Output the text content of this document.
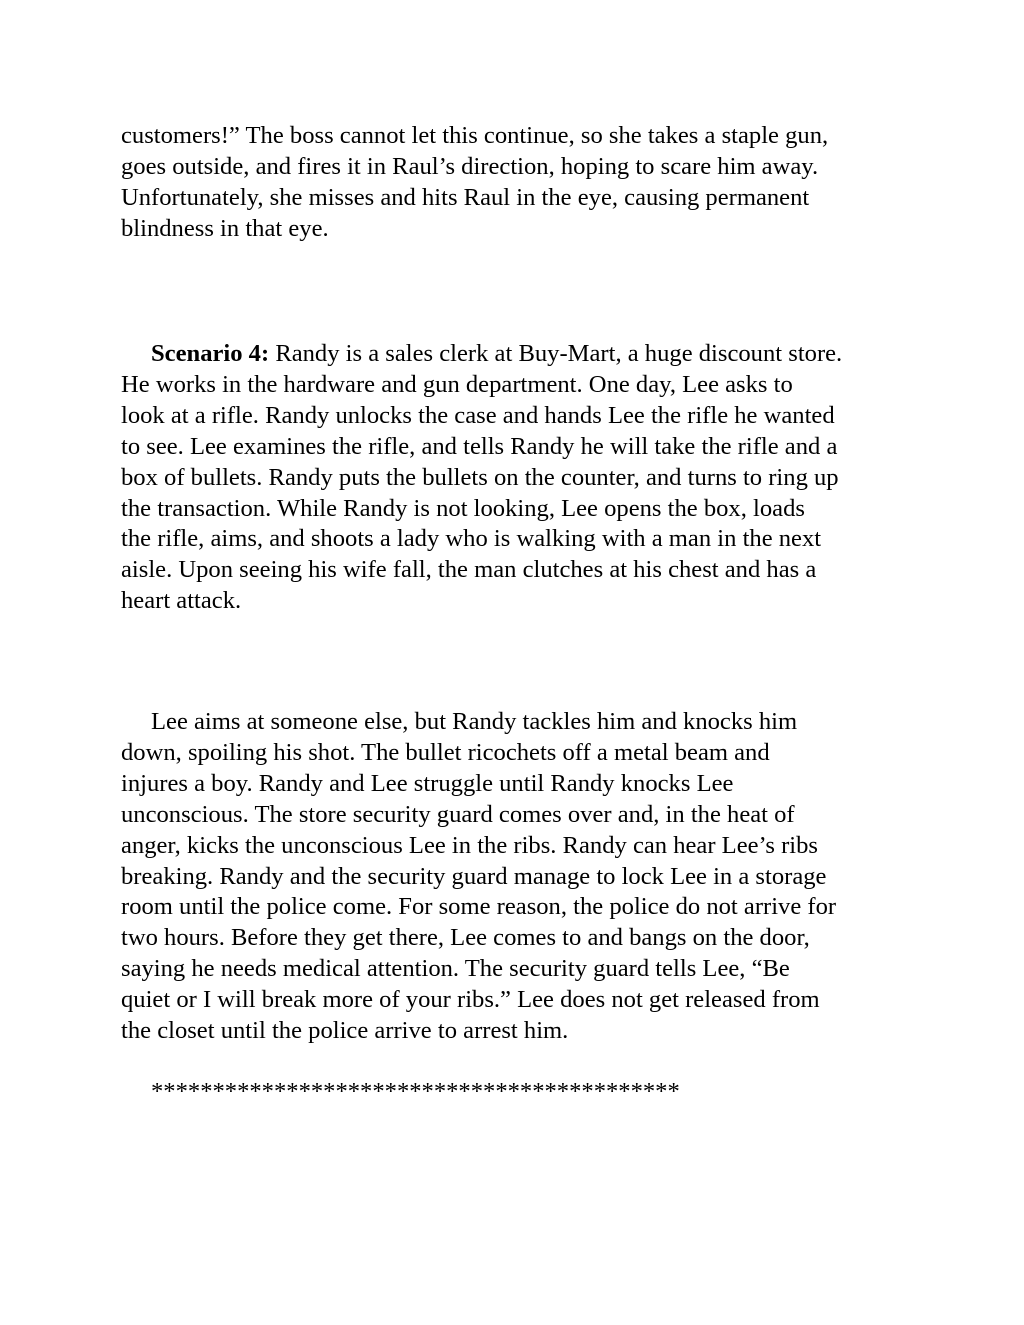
customers!” The boss cannot let this continue, so she takes a staple gun,
goes outside, and fires it in Raul’s direction, hoping to scare him away.
Unfortunately, she misses and hits Raul in the eye, causing permanent
blindness in that eye.

Scenario 4: Randy is a sales clerk at Buy-Mart, a huge discount store.
He works in the hardware and gun department. One day, Lee asks to
look at a rifle. Randy unlocks the case and hands Lee the rifle he wanted
to see. Lee examines the rifle, and tells Randy he will take the rifle and a
box of bullets. Randy puts the bullets on the counter, and turns to ring up
the transaction. While Randy is not looking, Lee opens the box, loads
the rifle, aims, and shoots a lady who is walking with a man in the next
aisle. Upon seeing his wife fall, the man clutches at his chest and has a
heart attack.

Lee aims at someone else, but Randy tackles him and knocks him
down, spoiling his shot. The bullet ricochets off a metal beam and
injures a boy. Randy and Lee struggle until Randy knocks Lee
unconscious. The store security guard comes over and, in the heat of
anger, kicks the unconscious Lee in the ribs. Randy can hear Lee’s ribs
breaking. Randy and the security guard manage to lock Lee in a storage
room until the police come. For some reason, the police do not arrive for
two hours. Before they get there, Lee comes to and bangs on the door,
saying he needs medical attention. The security guard tells Lee, “Be
quiet or I will break more of your ribs.” Lee does not get released from
the closet until the police arrive to arrest him.

*******************************************
